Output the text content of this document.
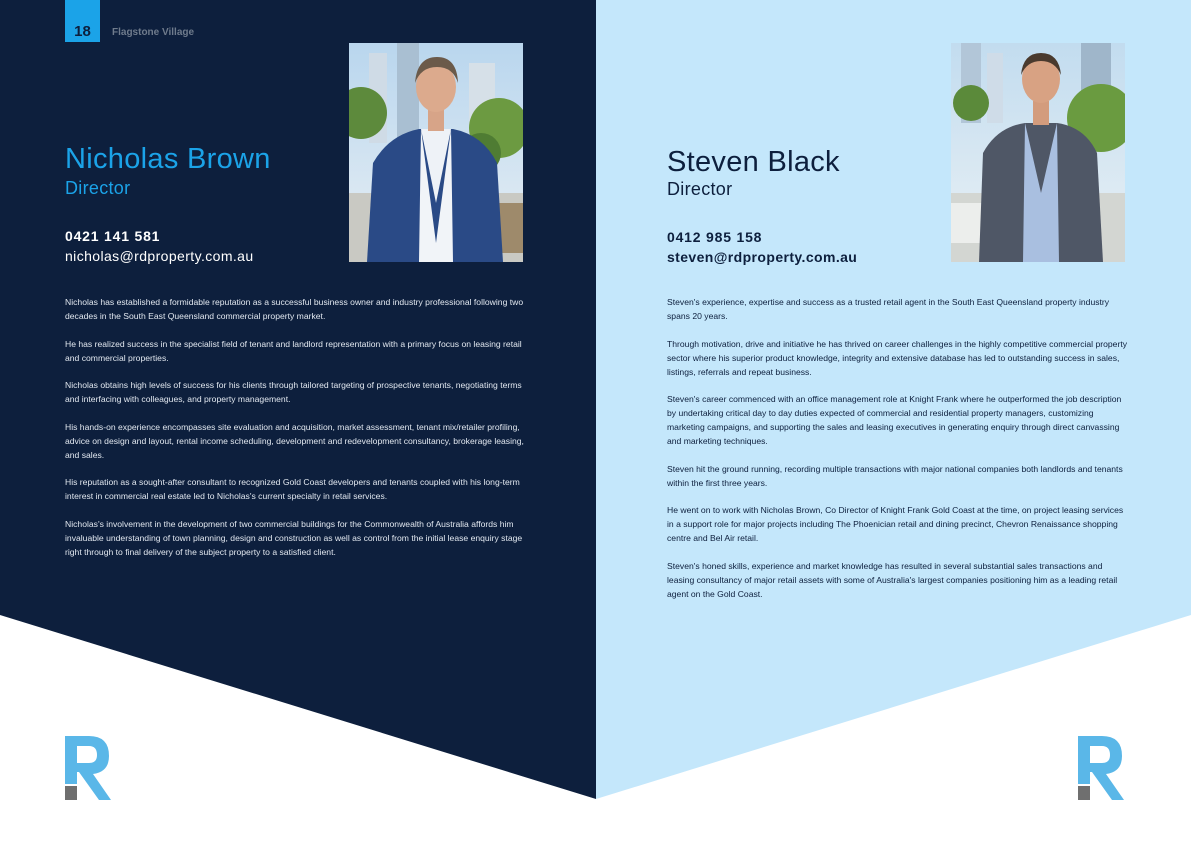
18	Flagstone Village
Nicholas Brown
Director
0421 141 581
nicholas@rdproperty.com.au

Nicholas has established a formidable reputation as a successful business owner and industry professional following two decades in the South East Queensland commercial property market.

He has realized success in the specialist field of tenant and landlord representation with a primary focus on leasing retail and commercial properties.

Nicholas obtains high levels of success for his clients through tailored targeting of prospective tenants, negotiating terms and interfacing with colleagues, and property management.

His hands-on experience encompasses site evaluation and acquisition, market assessment, tenant mix/retailer profiling, advice on design and layout, rental income scheduling, development and redevelopment consultancy, brokerage leasing, and sales.

His reputation as a sought-after consultant to recognized Gold Coast developers and tenants coupled with his long-term interest in commercial real estate led to Nicholas's current specialty in retail services.

Nicholas's involvement in the development of two commercial buildings for the Commonwealth of Australia affords him invaluable understanding of town planning, design and construction as well as control from the initial lease enquiry stage right through to final delivery of the subject property to a satisfied client.

Steven Black
Director
0412 985 158
steven@rdproperty.com.au

Steven's experience, expertise and success as a trusted retail agent in the South East Queensland property industry spans 20 years.

Through motivation, drive and initiative he has thrived on career challenges in the highly competitive commercial property sector where his superior product knowledge, integrity and extensive database has led to outstanding success in sales, listings, referrals and repeat business.

Steven's career commenced with an office management role at Knight Frank where he outperformed the job description by undertaking critical day to day duties expected of commercial and residential property managers, customizing marketing campaigns, and supporting the sales and leasing executives in generating enquiry through direct canvassing and marketing techniques.

Steven hit the ground running, recording multiple transactions with major national companies both landlords and tenants within the first three years.

He went on to work with Nicholas Brown, Co Director of Knight Frank Gold Coast at the time, on project leasing services in a support role for major projects including The Phoenician retail and dining precinct, Chevron Renaissance shopping centre and Bel Air retail.

Steven's honed skills, experience and market knowledge has resulted in several substantial sales transactions and leasing consultancy of major retail assets with some of Australia's largest companies positioning him as a leading retail agent on the Gold Coast.
